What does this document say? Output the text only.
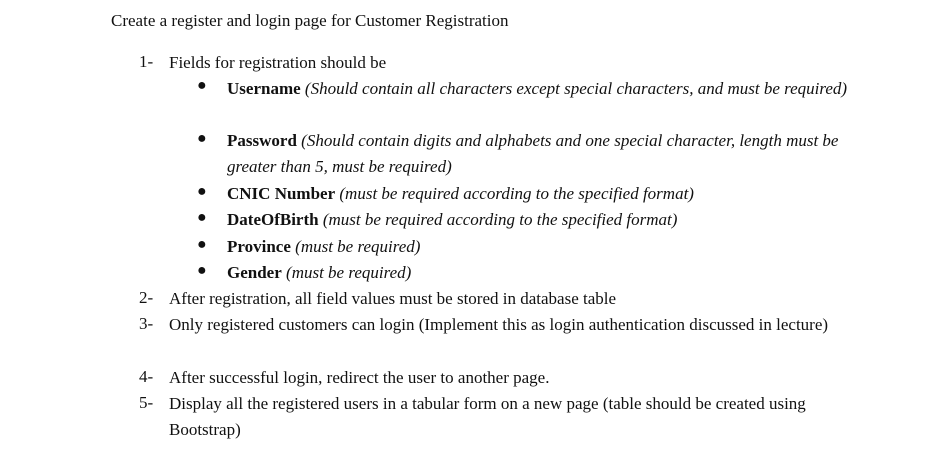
Create a register and login page for Customer Registration
1- Fields for registration should be
● Username (Should contain all characters except special characters, and must be required)
● Password (Should contain digits and alphabets and one special character, length must be greater than 5, must be required)
● CNIC Number (must be required according to the specified format)
● DateOfBirth (must be required according to the specified format)
● Province (must be required)
● Gender (must be required)
2- After registration, all field values must be stored in database table
3- Only registered customers can login (Implement this as login authentication discussed in lecture)
4- After successful login, redirect the user to another page.
5- Display all the registered users in a tabular form on a new page (table should be created using Bootstrap)
